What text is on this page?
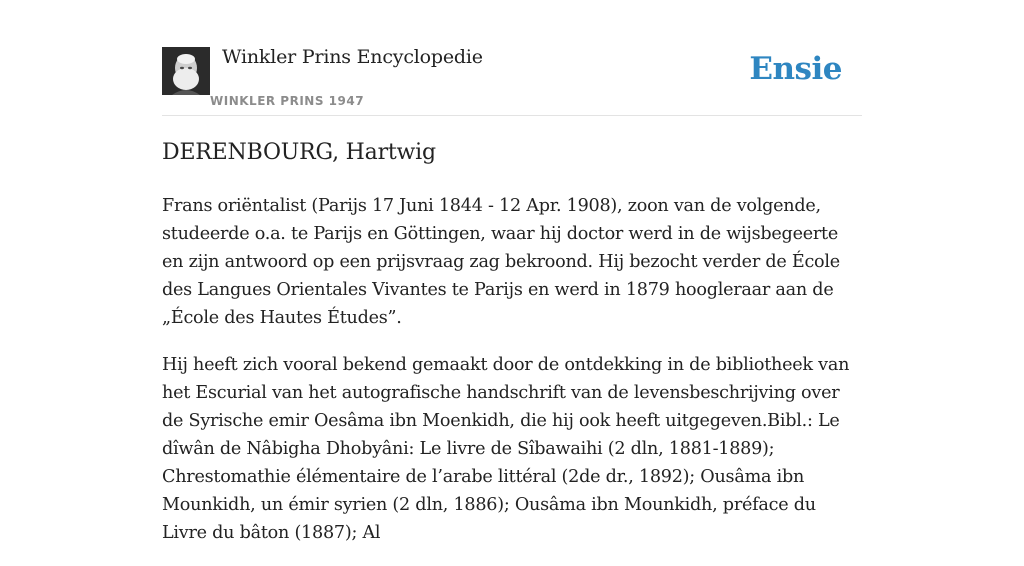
Winkler Prins Encyclopedie
WINKLER PRINS 1947
Ensie
DERENBOURG, Hartwig

Frans oriëntalist (Parijs 17 Juni 1844 - 12 Apr. 1908), zoon van de volgende, studeerde o.a. te Parijs en Göttingen, waar hij doctor werd in de wijsbegeerte en zijn antwoord op een prijsvraag zag bekroond. Hij bezocht verder de École des Langues Orientales Vivantes te Parijs en werd in 1879 hoogleraar aan de „École des Hautes Études”.

Hij heeft zich vooral bekend gemaakt door de ontdekking in de bibliotheek van het Escurial van het autografische handschrift van de levensbeschrijving over de Syrische emir Oesâma ibn Moenkidh, die hij ook heeft uitgegeven.Bibl.: Le dîwân de Nâbigha Dhobyâni: Le livre de Sîbawaihi (2 dln, 1881-1889); Chrestomathie élémentaire de l’arabe littéral (2de dr., 1892); Ousâma ibn Mounkidh, un émir syrien (2 dln, 1886); Ousâma ibn Mounkidh, préface du Livre du bâton (1887); Al
